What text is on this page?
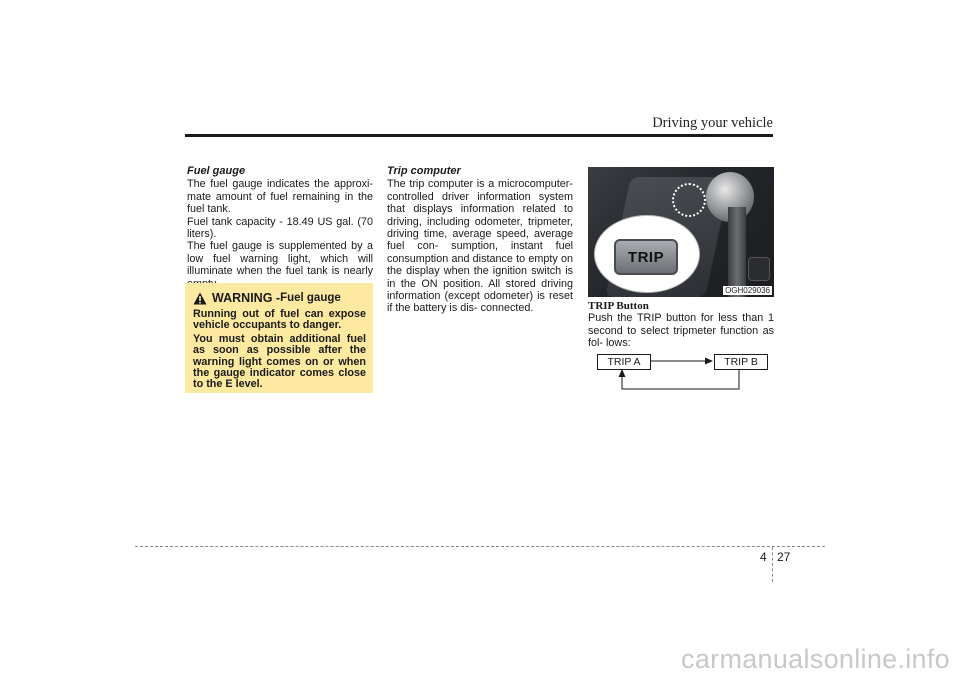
Driving your vehicle

Fuel gauge

The fuel gauge indicates the approxi- mate amount of fuel remaining in the fuel tank.

Fuel tank capacity - 18.49 US gal. (70 liters).

The fuel gauge is supplemented by a low fuel warning light, which will illuminate when the fuel tank is nearly

WARNING - Fuel gauge

Running out of fuel can expose vehicle occupants to danger.

You must obtain additional fuel as soon as possible after the warning light comes on or when the gauge indicator comes close to the E level.

Trip computer

The trip computer is a microcomputer- controlled driver information system that displays information related to driving, including odometer, tripmeter, driving time, average speed, average fuel con- sumption, instant fuel consumption and distance to empty on the display when the ignition switch is in the ON position. All stored driving information (except odometer) is reset if the battery is dis- connected.

TRIP
OGH029036

TRIP Button

Push the TRIP button for less than 1 second to select tripmeter function as fol- lows:

TRIP A	TRIP B
4 27
carmanualsonline.info
